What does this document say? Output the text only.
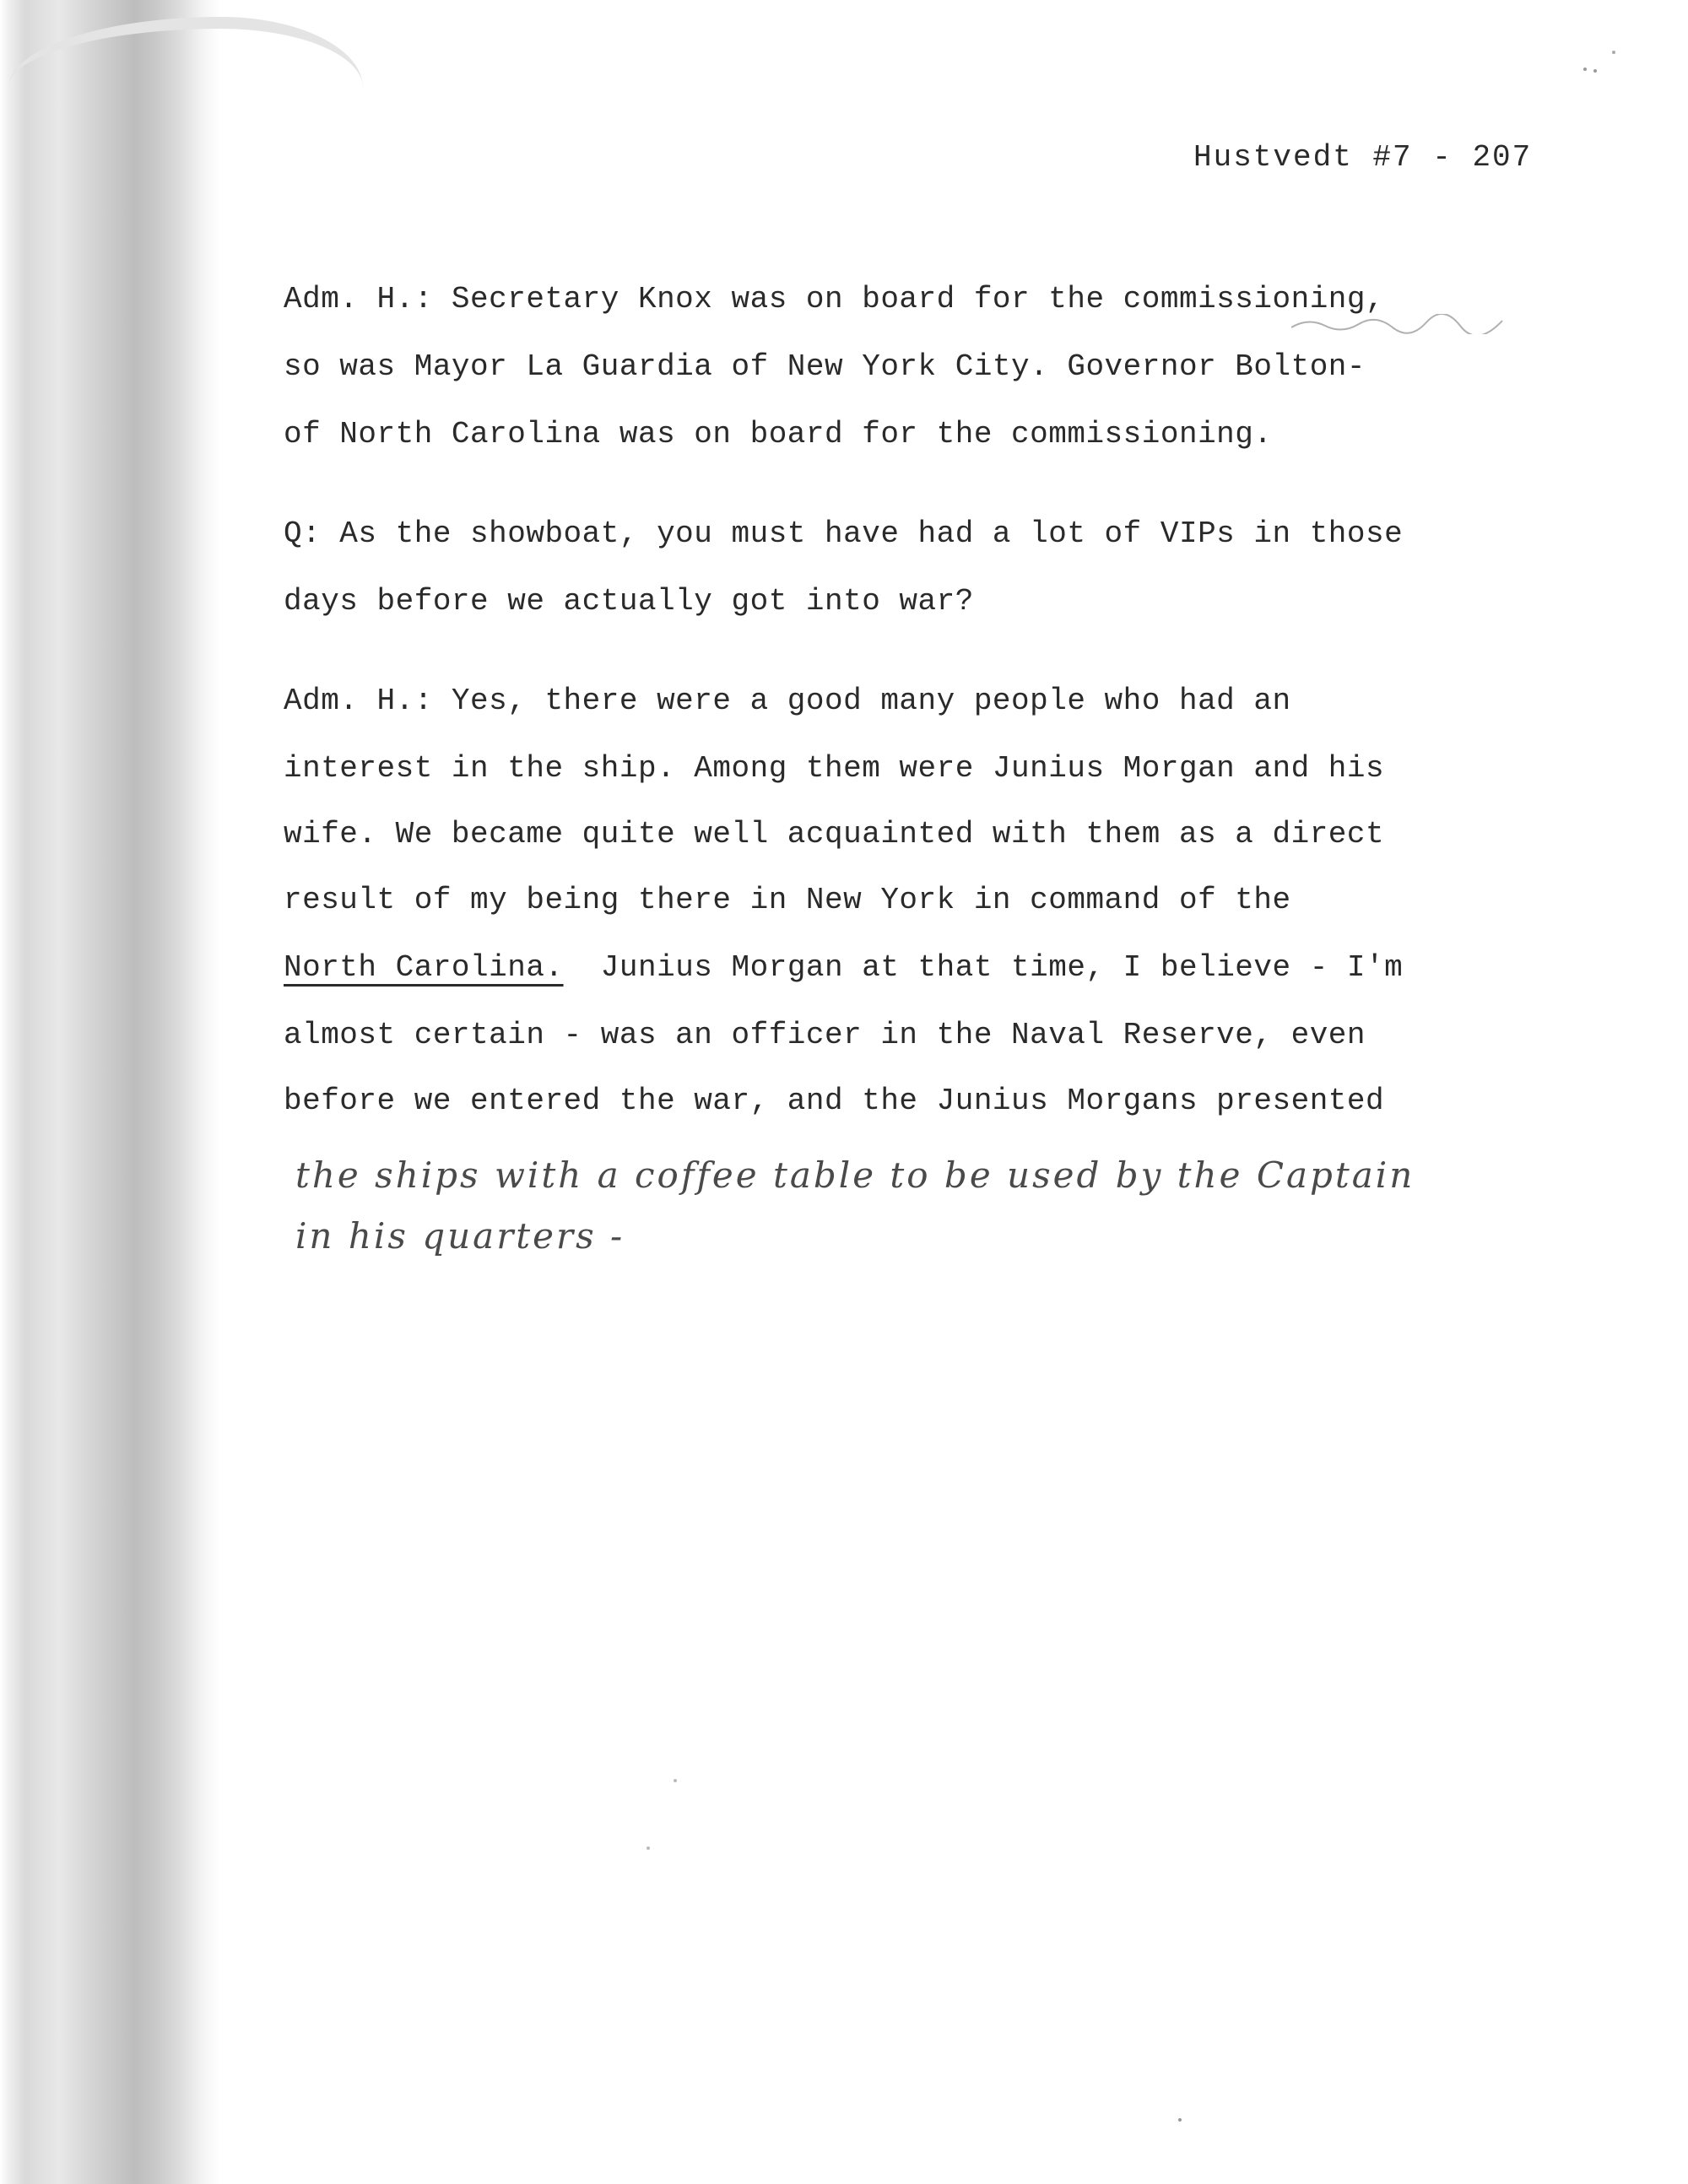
Hustvedt #7 - 207
Adm. H.: Secretary Knox was on board for the commissioning,
so was Mayor La Guardia of New York City. Governor Bolton-
of North Carolina was on board for the commissioning.
Q: As the showboat, you must have had a lot of VIPs in those
days before we actually got into war?
Adm. H.: Yes, there were a good many people who had an
interest in the ship. Among them were Junius Morgan and his
wife. We became quite well acquainted with them as a direct
result of my being there in New York in command of the
North Carolina. Junius Morgan at that time, I believe - I'm
almost certain - was an officer in the Naval Reserve, even
before we entered the war, and the Junius Morgans presented
the ships with a coffee table to be used by the Captain
in his quarters -
